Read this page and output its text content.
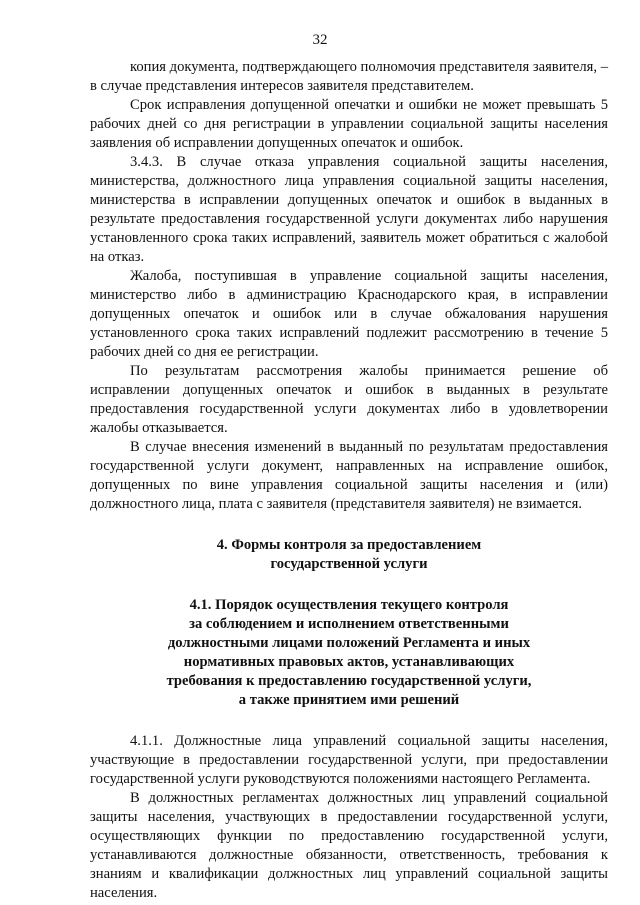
32

копия документа, подтверждающего полномочия представителя заявителя, – в случае представления интересов заявителя представителем.

Срок исправления допущенной опечатки и ошибки не может превышать 5 рабочих дней со дня регистрации в управлении социальной защиты населения заявления об исправлении допущенных опечаток и ошибок.

3.4.3. В случае отказа управления социальной защиты населения, министерства, должностного лица управления социальной защиты населения, министерства в исправлении допущенных опечаток и ошибок в выданных в результате предоставления государственной услуги документах либо нарушения установленного срока таких исправлений, заявитель может обратиться с жалобой на отказ.

Жалоба, поступившая в управление социальной защиты населения, министерство либо в администрацию Краснодарского края, в исправлении допущенных опечаток и ошибок или в случае обжалования нарушения установленного срока таких исправлений подлежит рассмотрению в течение 5 рабочих дней со дня ее регистрации.

По результатам рассмотрения жалобы принимается решение об исправлении допущенных опечаток и ошибок в выданных в результате предоставления государственной услуги документах либо в удовлетворении жалобы отказывается.

В случае внесения изменений в выданный по результатам предоставления государственной услуги документ, направленных на исправление ошибок, допущенных по вине управления социальной защиты населения и (или) должностного лица, плата с заявителя (представителя заявителя) не взимается.

4. Формы контроля за предоставлением
государственной услуги
4.1. Порядок осуществления текущего контроля
за соблюдением и исполнением ответственными
должностными лицами положений Регламента и иных
нормативных правовых актов, устанавливающих
требования к предоставлению государственной услуги,
а также принятием ими решений

4.1.1. Должностные лица управлений социальной защиты населения, участвующие в предоставлении государственной услуги, при предоставлении государственной услуги руководствуются положениями настоящего Регламента.

В должностных регламентах должностных лиц управлений социальной защиты населения, участвующих в предоставлении государственной услуги, осуществляющих функции по предоставлению государственной услуги, устанавливаются должностные обязанности, ответственность, требования к знаниям и квалификации должностных лиц управлений социальной защиты населения.
